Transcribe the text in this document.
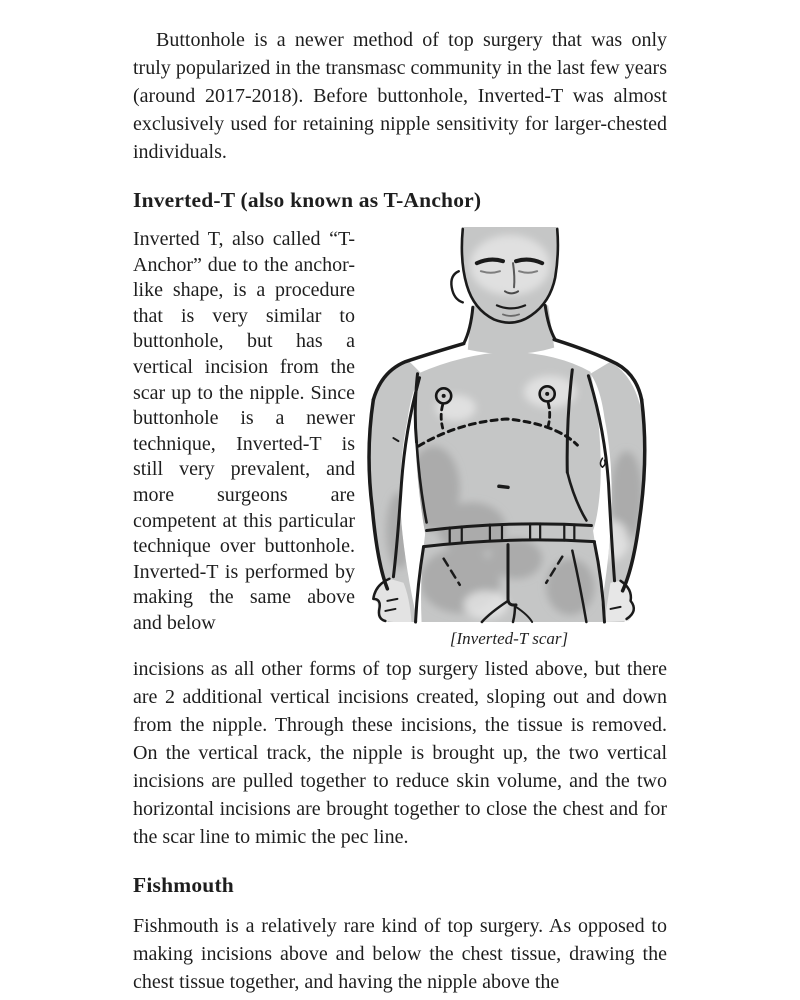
Buttonhole is a newer method of top surgery that was only truly popularized in the transmasc community in the last few years (around 2017-2018). Before buttonhole, Inverted-T was almost exclusively used for retaining nipple sensitivity for larger-chested individuals.

Inverted-T (also known as T-Anchor)
Inverted T, also called “T-Anchor” due to the anchor-like shape, is a procedure that is very similar to buttonhole, but has a vertical incision from the scar up to the nipple. Since buttonhole is a newer technique, Inverted-T is still very prevalent, and more surgeons are competent at this particular technique over buttonhole. Inverted-T is performed by making the same above and below
[Inverted-T scar]

incisions as all other forms of top surgery listed above, but there are 2 additional vertical incisions created, sloping out and down from the nipple. Through these incisions, the tissue is removed. On the vertical track, the nipple is brought up, the two vertical incisions are pulled together to reduce skin volume, and the two horizontal incisions are brought together to close the chest and for the scar line to mimic the pec line.

Fishmouth

Fishmouth is a relatively rare kind of top surgery. As opposed to making incisions above and below the chest tissue, drawing the chest tissue together, and having the nipple above the
